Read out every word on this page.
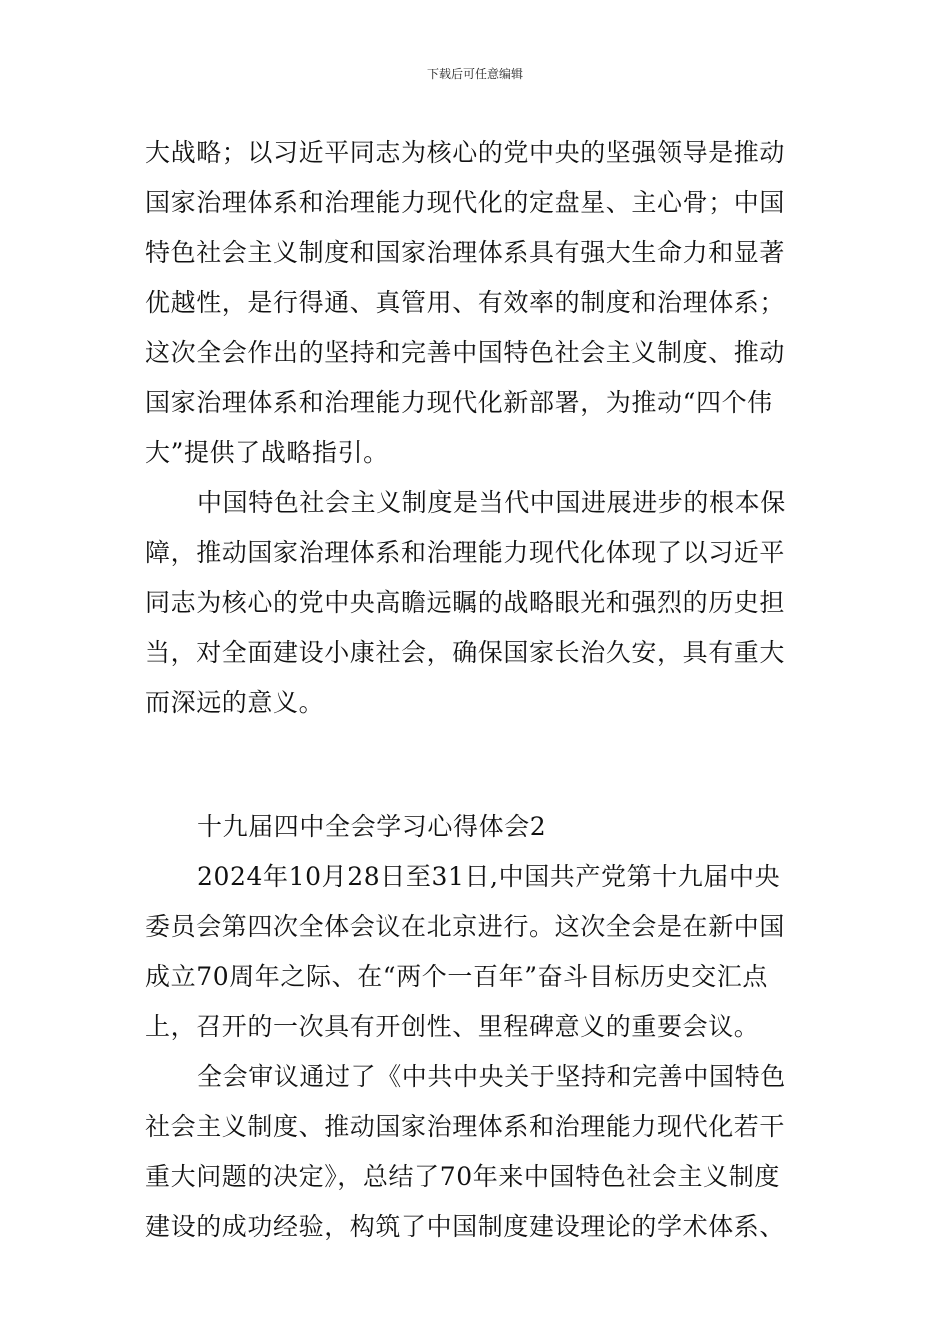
下载后可任意编辑
大战略；以习近平同志为核心的党中央的坚强领导是推动
国家治理体系和治理能力现代化的定盘星、主心骨；中国
特色社会主义制度和国家治理体系具有强大生命力和显著
优越性，是行得通、真管用、有效率的制度和治理体系；
这次全会作出的坚持和完善中国特色社会主义制度、推动
国家治理体系和治理能力现代化新部署，为推动“四个伟
大”提供了战略指引。
中国特色社会主义制度是当代中国进展进步的根本保
障，推动国家治理体系和治理能力现代化体现了以习近平
同志为核心的党中央高瞻远瞩的战略眼光和强烈的历史担
当，对全面建设小康社会，确保国家长治久安，具有重大
而深远的意义。
十九届四中全会学习心得体会2
2024年10月28日至31日,中国共产党第十九届中央
委员会第四次全体会议在北京进行。这次全会是在新中国
成立70周年之际、在“两个一百年”奋斗目标历史交汇点
上，召开的一次具有开创性、里程碑意义的重要会议。
全会审议通过了《中共中央关于坚持和完善中国特色
社会主义制度、推动国家治理体系和治理能力现代化若干
重大问题的决定》，总结了70年来中国特色社会主义制度
建设的成功经验，构筑了中国制度建设理论的学术体系、
